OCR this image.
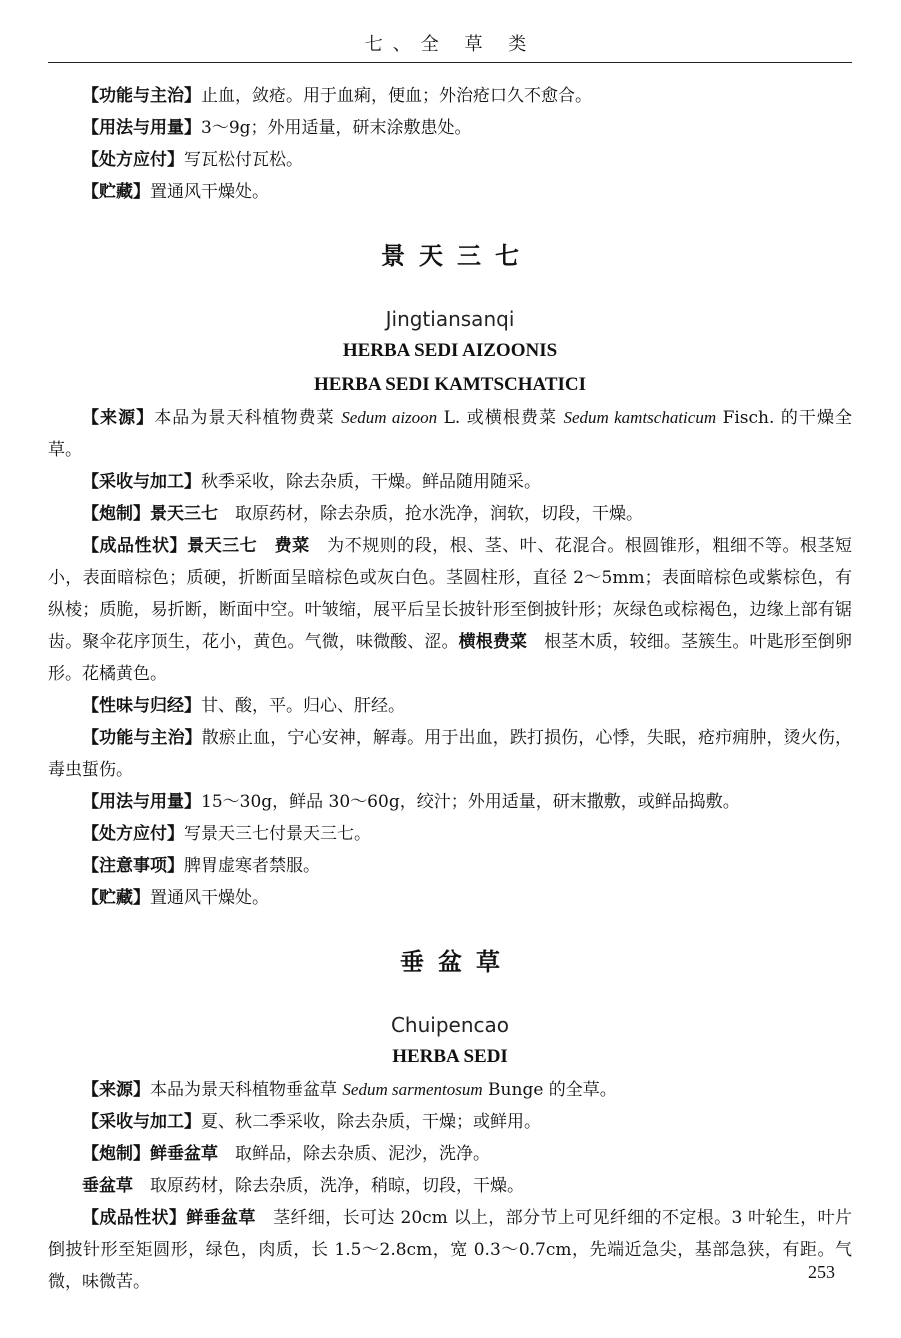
七、全 草 类

【功能与主治】止血，敛疮。用于血痢，便血；外治疮口久不愈合。

【用法与用量】3～9g；外用适量，研末涂敷患处。

【处方应付】写瓦松付瓦松。

【贮藏】置通风干燥处。

景天三七
Jingtiansanqi
HERBA SEDI AIZOONIS
HERBA SEDI KAMTSCHATICI

【来源】本品为景天科植物费菜 Sedum aizoon L. 或横根费菜 Sedum kamtschaticum Fisch. 的干燥全草。

【采收与加工】秋季采收，除去杂质，干燥。鲜品随用随采。

【炮制】景天三七　取原药材，除去杂质，抢水洗净，润软，切段，干燥。

【成品性状】景天三七　费菜　为不规则的段，根、茎、叶、花混合。根圆锥形，粗细不等。根茎短小，表面暗棕色；质硬，折断面呈暗棕色或灰白色。茎圆柱形，直径 2～5mm；表面暗棕色或紫棕色，有纵棱；质脆，易折断，断面中空。叶皱缩，展平后呈长披针形至倒披针形；灰绿色或棕褐色，边缘上部有锯齿。聚伞花序顶生，花小，黄色。气微，味微酸、涩。横根费菜　根茎木质，较细。茎簇生。叶匙形至倒卵形。花橘黄色。

【性味与归经】甘、酸，平。归心、肝经。

【功能与主治】散瘀止血，宁心安神，解毒。用于出血，跌打损伤，心悸，失眠，疮疖痈肿，烫火伤，毒虫蜇伤。

【用法与用量】15～30g，鲜品 30～60g，绞汁；外用适量，研末撒敷，或鲜品捣敷。

【处方应付】写景天三七付景天三七。

【注意事项】脾胃虚寒者禁服。

【贮藏】置通风干燥处。

垂盆草
Chuipencao
HERBA SEDI

【来源】本品为景天科植物垂盆草 Sedum sarmentosum Bunge 的全草。

【采收与加工】夏、秋二季采收，除去杂质，干燥；或鲜用。

【炮制】鲜垂盆草　取鲜品，除去杂质、泥沙，洗净。

垂盆草　取原药材，除去杂质，洗净，稍晾，切段，干燥。

【成品性状】鲜垂盆草　茎纤细，长可达 20cm 以上，部分节上可见纤细的不定根。3 叶轮生，叶片倒披针形至矩圆形，绿色，肉质，长 1.5～2.8cm，宽 0.3～0.7cm，先端近急尖，基部急狭，有距。气微，味微苦。	253
